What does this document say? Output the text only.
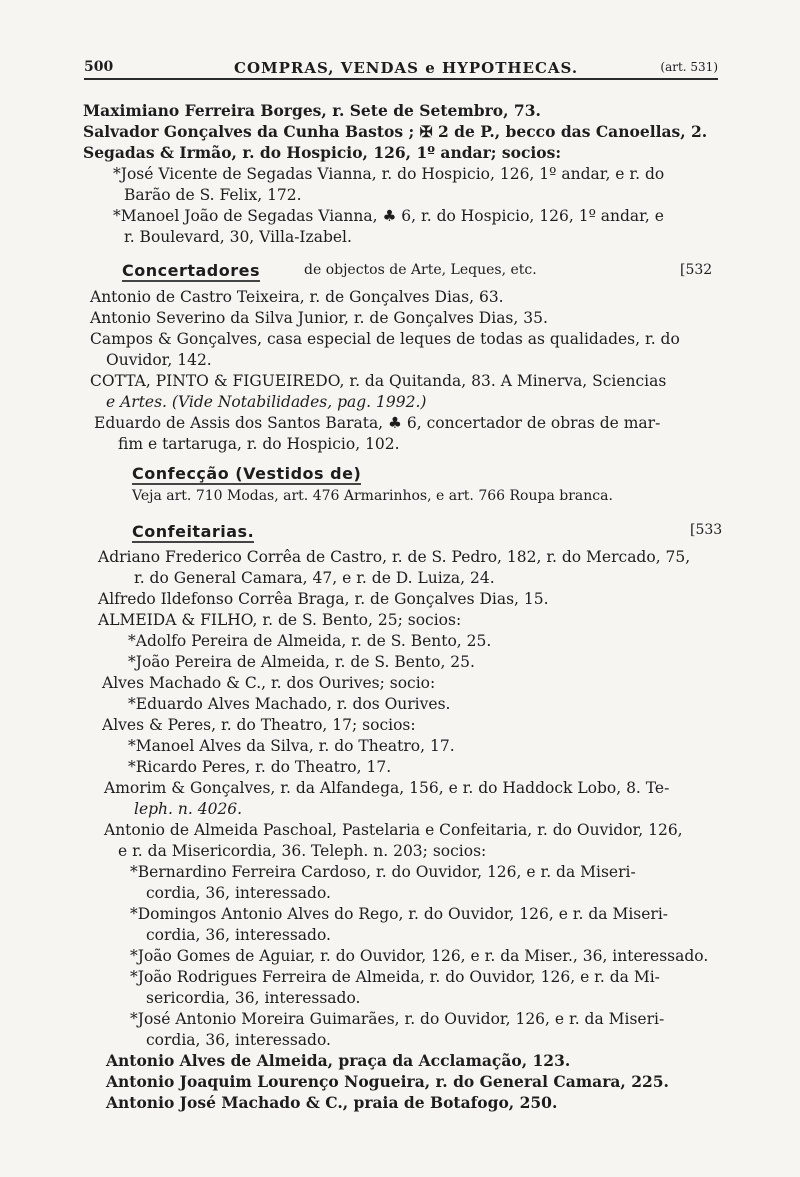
500	COMPRAS, VENDAS e HYPOTHECAS.	(art. 531)
Maximiano Ferreira Borges, r. Sete de Setembro, 73.
Salvador Gonçalves da Cunha Bastos ; ✠ 2 de P., becco das Canoellas, 2.
Segadas & Irmão, r. do Hospicio, 126, 1º andar; socios:
*José Vicente de Segadas Vianna, r. do Hospicio, 126, 1º andar, e r. do
Barão de S. Felix, 172.
*Manoel João de Segadas Vianna, ♣ 6, r. do Hospicio, 126, 1º andar, e
r. Boulevard, 30, Villa-Izabel.
Concertadores	de objectos de Arte, Leques, etc.	[532
Antonio de Castro Teixeira, r. de Gonçalves Dias, 63.
Antonio Severino da Silva Junior, r. de Gonçalves Dias, 35.
Campos & Gonçalves, casa especial de leques de todas as qualidades, r. do
Ouvidor, 142.
COTTA, PINTO & FIGUEIREDO, r. da Quitanda, 83. A Minerva, Sciencias
e Artes. (Vide Notabilidades, pag. 1992.)
Eduardo de Assis dos Santos Barata, ♣ 6, concertador de obras de mar-
fim e tartaruga, r. do Hospicio, 102.
Confecção (Vestidos de)
Veja art. 710 Modas, art. 476 Armarinhos, e art. 766 Roupa branca.
Confeitarias.	[533
Adriano Frederico Corrêa de Castro, r. de S. Pedro, 182, r. do Mercado, 75,
r. do General Camara, 47, e r. de D. Luiza, 24.
Alfredo Ildefonso Corrêa Braga, r. de Gonçalves Dias, 15.
ALMEIDA & FILHO, r. de S. Bento, 25; socios:
*Adolfo Pereira de Almeida, r. de S. Bento, 25.
*João Pereira de Almeida, r. de S. Bento, 25.
Alves Machado & C., r. dos Ourives; socio:
*Eduardo Alves Machado, r. dos Ourives.
Alves & Peres, r. do Theatro, 17; socios:
*Manoel Alves da Silva, r. do Theatro, 17.
*Ricardo Peres, r. do Theatro, 17.
Amorim & Gonçalves, r. da Alfandega, 156, e r. do Haddock Lobo, 8. Te-
leph. n. 4026.
Antonio de Almeida Paschoal, Pastelaria e Confeitaria, r. do Ouvidor, 126,
e r. da Misericordia, 36. Teleph. n. 203; socios:
*Bernardino Ferreira Cardoso, r. do Ouvidor, 126, e r. da Miseri-
cordia, 36, interessado.
*Domingos Antonio Alves do Rego, r. do Ouvidor, 126, e r. da Miseri-
cordia, 36, interessado.
*João Gomes de Aguiar, r. do Ouvidor, 126, e r. da Miser., 36, interessado.
*João Rodrigues Ferreira de Almeida, r. do Ouvidor, 126, e r. da Mi-
sericordia, 36, interessado.
*José Antonio Moreira Guimarães, r. do Ouvidor, 126, e r. da Miseri-
cordia, 36, interessado.
Antonio Alves de Almeida, praça da Acclamação, 123.
Antonio Joaquim Lourenço Nogueira, r. do General Camara, 225.
Antonio José Machado & C., praia de Botafogo, 250.
